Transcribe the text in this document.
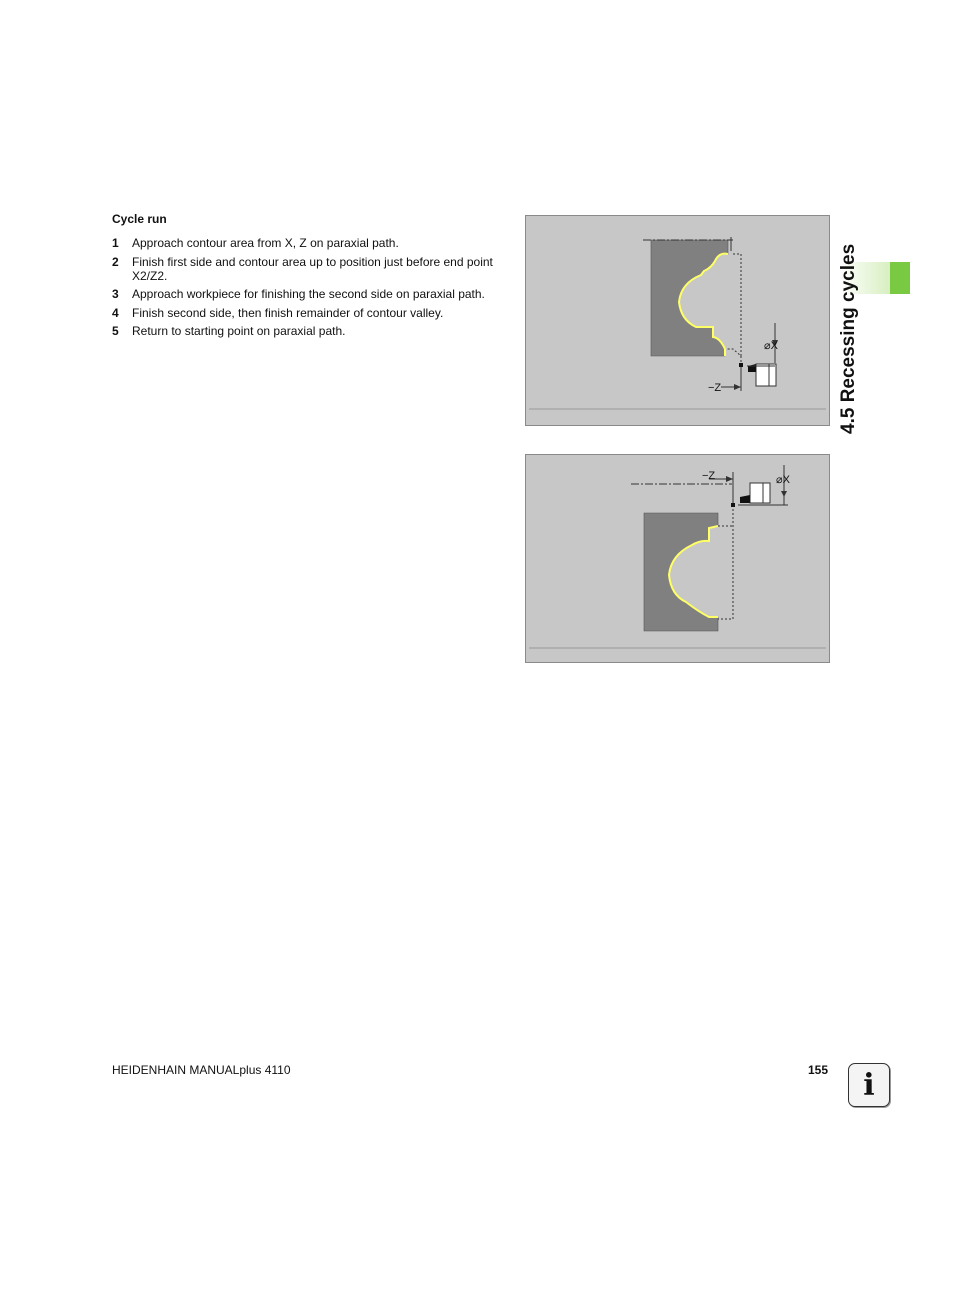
Cycle run
1 Approach contour area from X, Z on paraxial path.
2 Finish first side and contour area up to position just before end point X2/Z2.
3 Approach workpiece for finishing the second side on paraxial path.
4 Finish second side, then finish remainder of contour valley.
5 Return to starting point on paraxial path.
⌀X
−Z
−Z	⌀X
4.5 Recessing cycles
HEIDENHAIN MANUALplus 4110	155	i
